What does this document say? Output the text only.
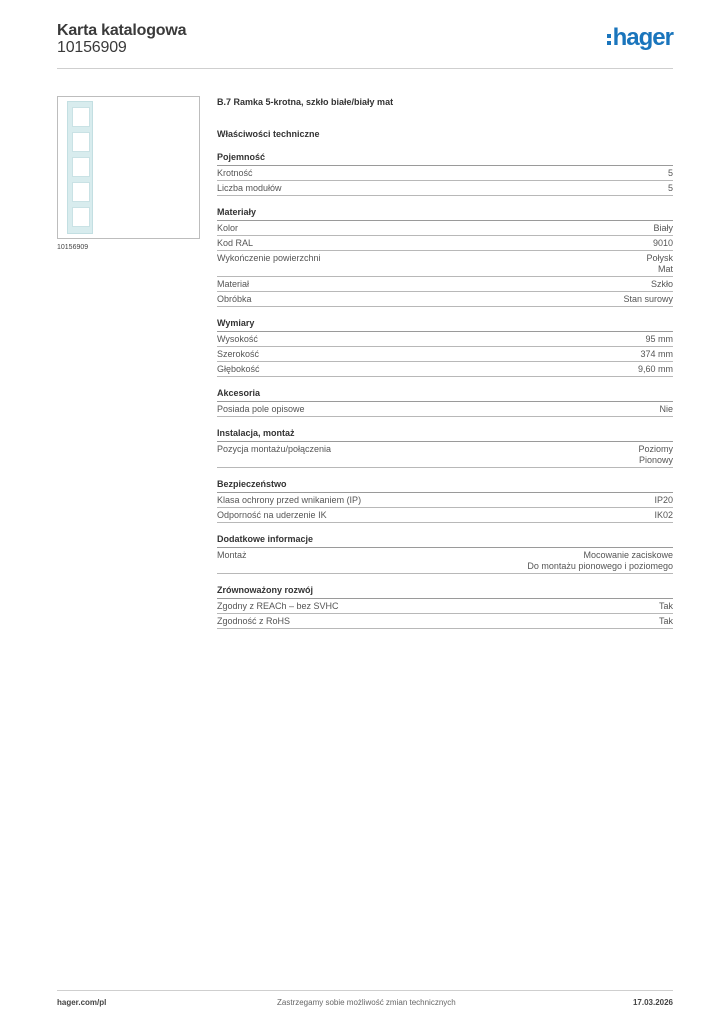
Karta katalogowa
10156909	hager
10156909
B.7 Ramka 5-krotna, szkło białe/biały mat
Właściwości techniczne
Pojemność
Krotność	5
Liczba modułów	5
Materiały
Kolor	Biały
Kod RAL	9010
Wykończenie powierzchni	Połysk
Mat
Materiał	Szkło
Obróbka	Stan surowy
Wymiary
Wysokość	95 mm
Szerokość	374 mm
Głębokość	9,60 mm
Akcesoria
Posiada pole opisowe	Nie
Instalacja, montaż
Pozycja montażu/połączenia	Poziomy
Pionowy
Bezpieczeństwo
Klasa ochrony przed wnikaniem (IP)	IP20
Odporność na uderzenie IK	IK02
Dodatkowe informacje
Montaż	Mocowanie zaciskowe
Do montażu pionowego i poziomego
Zrównoważony rozwój
Zgodny z REACh – bez SVHC	Tak
Zgodność z RoHS	Tak
hager.com/pl	Zastrzegamy sobie możliwość zmian technicznych	17.03.2026
